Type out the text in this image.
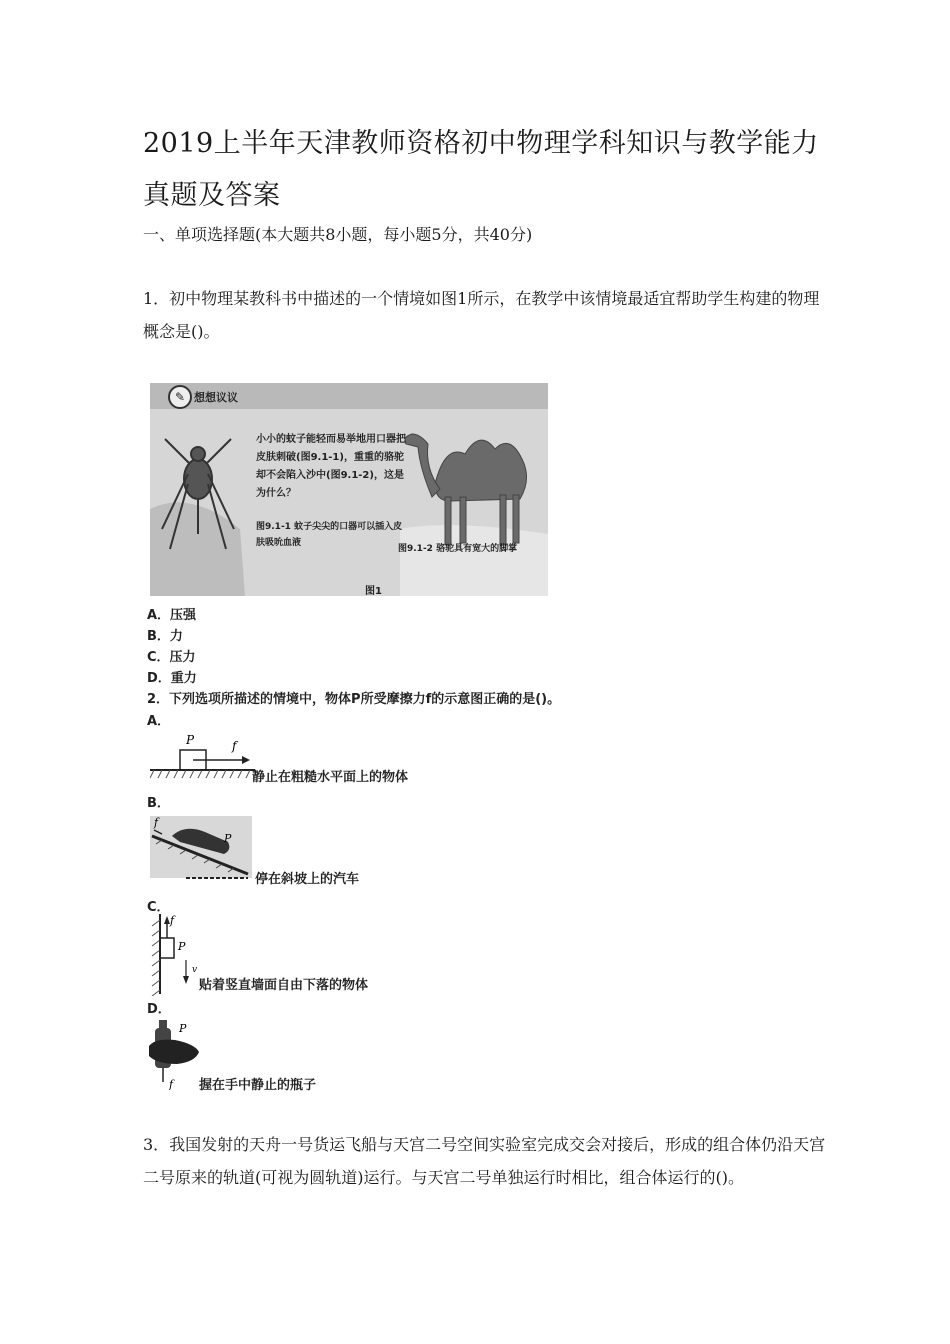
2019上半年天津教师资格初中物理学科知识与教学能力真题及答案
一、单项选择题(本大题共8小题，每小题5分，共40分)
1．初中物理某教科书中描述的一个情境如图1所示，在教学中该情境最适宜帮助学生构建的物理概念是()。
✎ 想想议议
小小的蚊子能轻而易举地用口器把皮肤刺破(图9.1-1)，重重的骆驼却不会陷入沙中(图9.1-2)，这是为什么？
图9.1-1 蚊子尖尖的口器可以插入皮肤吸吮血液
图9.1-2 骆驼具有宽大的脚掌
图1
A．压强
B．力
C．压力
D．重力
2．下列选项所描述的情境中，物体P所受摩擦力f的示意图正确的是()。
A．
P	f
静止在粗糙水平面上的物体
B．
f
P
停在斜坡上的汽车
C．
f
P
v
贴着竖直墙面自由下落的物体
D．
P
f 握在手中静止的瓶子
3．我国发射的天舟一号货运飞船与天宫二号空间实验室完成交会对接后，形成的组合体仍沿天宫二号原来的轨道(可视为圆轨道)运行。与天宫二号单独运行时相比，组合体运行的()。
